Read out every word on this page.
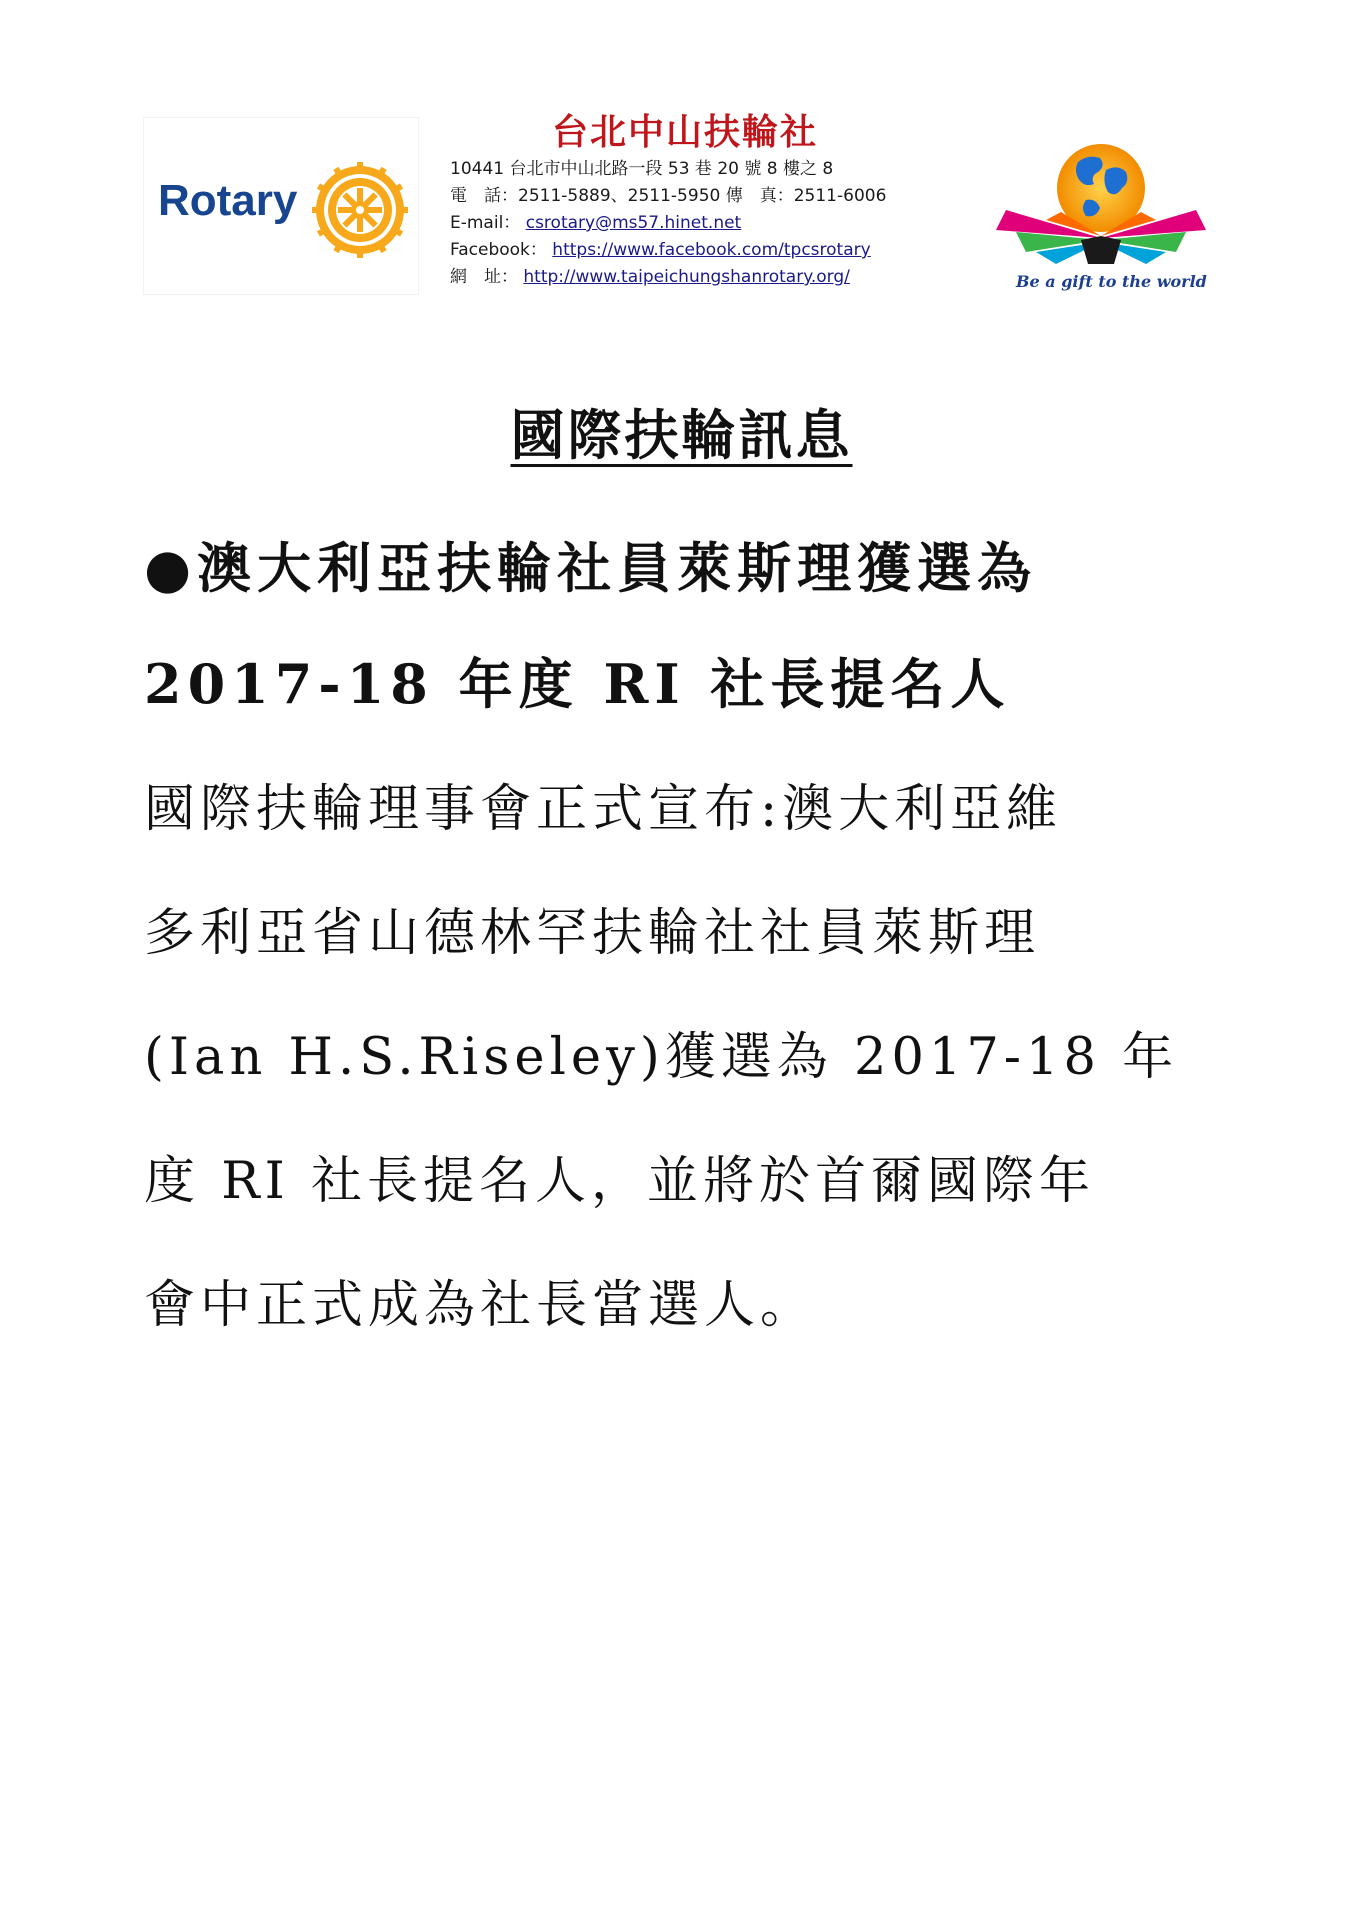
Rotary
台北中山扶輪社
10441 台北市中山北路一段 53 巷 20 號 8 樓之 8
電　話：2511-5889、2511-5950 傳　真：2511-6006
E-mail： csrotary@ms57.hinet.net
Facebook： https://www.facebook.com/tpcsrotary
網　址： http://www.taipeichungshanrotary.org/	Be a gift to the world
國際扶輪訊息
●澳大利亞扶輪社員萊斯理獲選為
2017-18 年度 RI 社長提名人
國際扶輪理事會正式宣布:澳大利亞維
多利亞省山德林罕扶輪社社員萊斯理
(Ian H.S.Riseley)獲選為 2017-18 年
度 RI 社長提名人，並將於首爾國際年
會中正式成為社長當選人。
